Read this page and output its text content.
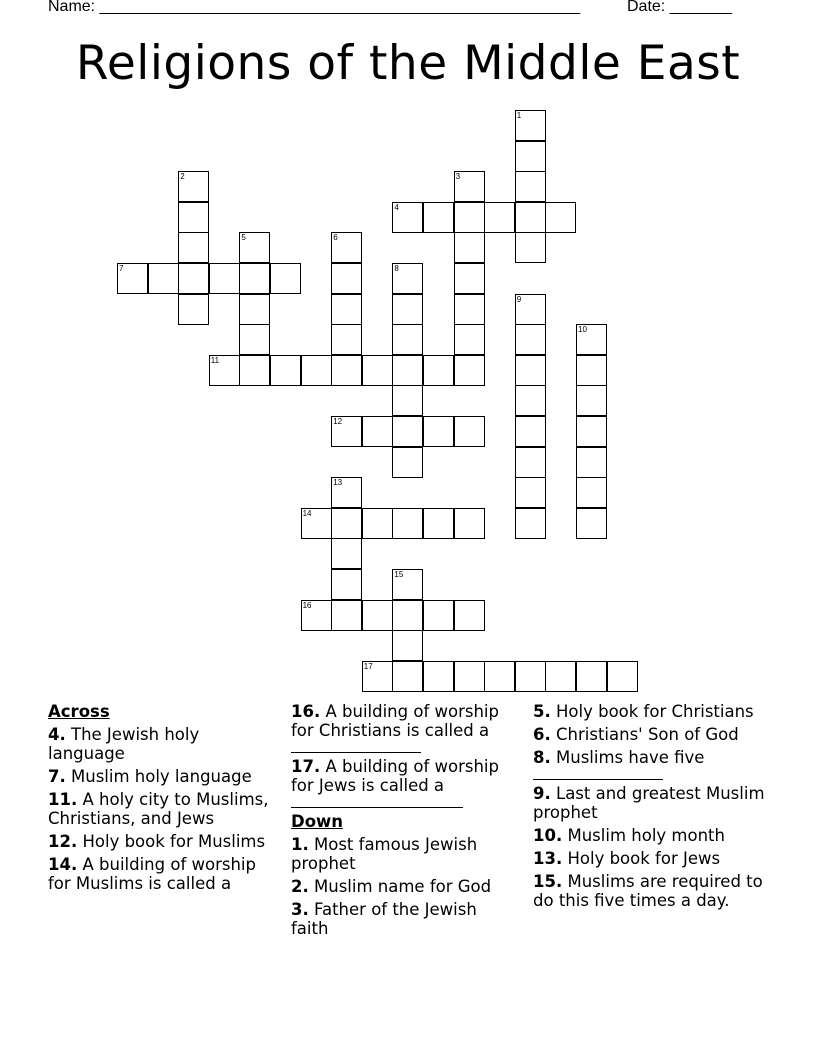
Name: ______________________________________________________	Date: _______
Religions of the Middle East
4
7
11
12
14
16
17
1
2	3
5	6
8
9
10
13
15
Across
4. The Jewish holy language
7. Muslim holy language
11. A holy city to Muslims, Christians, and Jews
12. Holy book for Muslims
14. A building of worship for Muslims is called a
16. A building of worship for Christians is called a
17. A building of worship for Jews is called a
Down
1. Most famous Jewish prophet
2. Muslim name for God
3. Father of the Jewish faith
5. Holy book for Christians
6. Christians' Son of God
8. Muslims have five
9. Last and greatest Muslim prophet
10. Muslim holy month
13. Holy book for Jews
15. Muslims are required to do this five times a day.
